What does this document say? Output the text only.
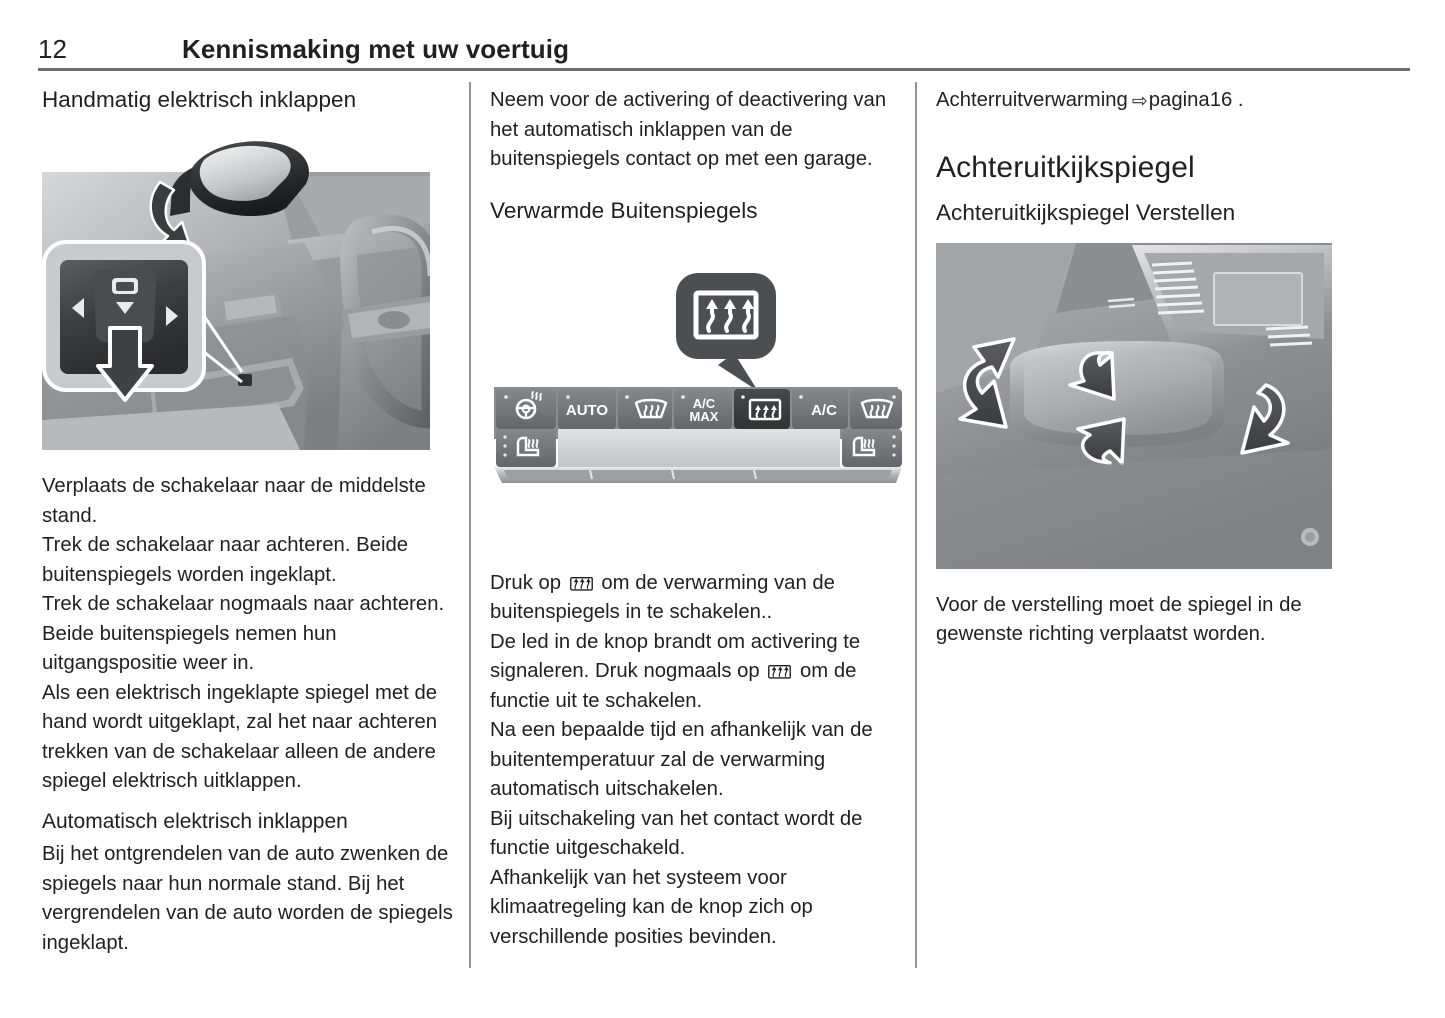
12	Kennismaking met uw voertuig
Handmatig elektrisch inklappen

Verplaats de schakelaar naar de middelste stand.

Trek de schakelaar naar achteren. Beide buitenspiegels worden ingeklapt.

Trek de schakelaar nogmaals naar achteren. Beide buitenspiegels nemen hun uitgangspositie weer in.

Als een elektrisch ingeklapte spiegel met de hand wordt uitgeklapt, zal het naar achteren trekken van de schakelaar alleen de andere spiegel elektrisch uitklappen.

Automatisch elektrisch inklappen

Bij het ontgrendelen van de auto zwenken de spiegels naar hun normale stand. Bij het vergrendelen van de auto worden de spiegels ingeklapt.

Neem voor de activering of deactivering van het automatisch inklappen van de buitenspiegels contact op met een garage.

Verwarmde Buitenspiegels
AUTO	A/C
MAX	A/C

Druk op  om de verwarming van de buitenspiegels in te schakelen..

De led in de knop brandt om activering te signaleren. Druk nogmaals op  om de functie uit te schakelen.

Na een bepaalde tijd en afhankelijk van de buitentemperatuur zal de verwarming automatisch uitschakelen.

Bij uitschakeling van het contact wordt de functie uitgeschakeld.

Afhankelijk van het systeem voor klimaatregeling kan de knop zich op verschillende posities bevinden.

Achterruitverwarming ⇨pagina16 .

Achteruitkijkspiegel
Achteruitkijkspiegel Verstellen

Voor de verstelling moet de spiegel in de gewenste richting verplaatst worden.
